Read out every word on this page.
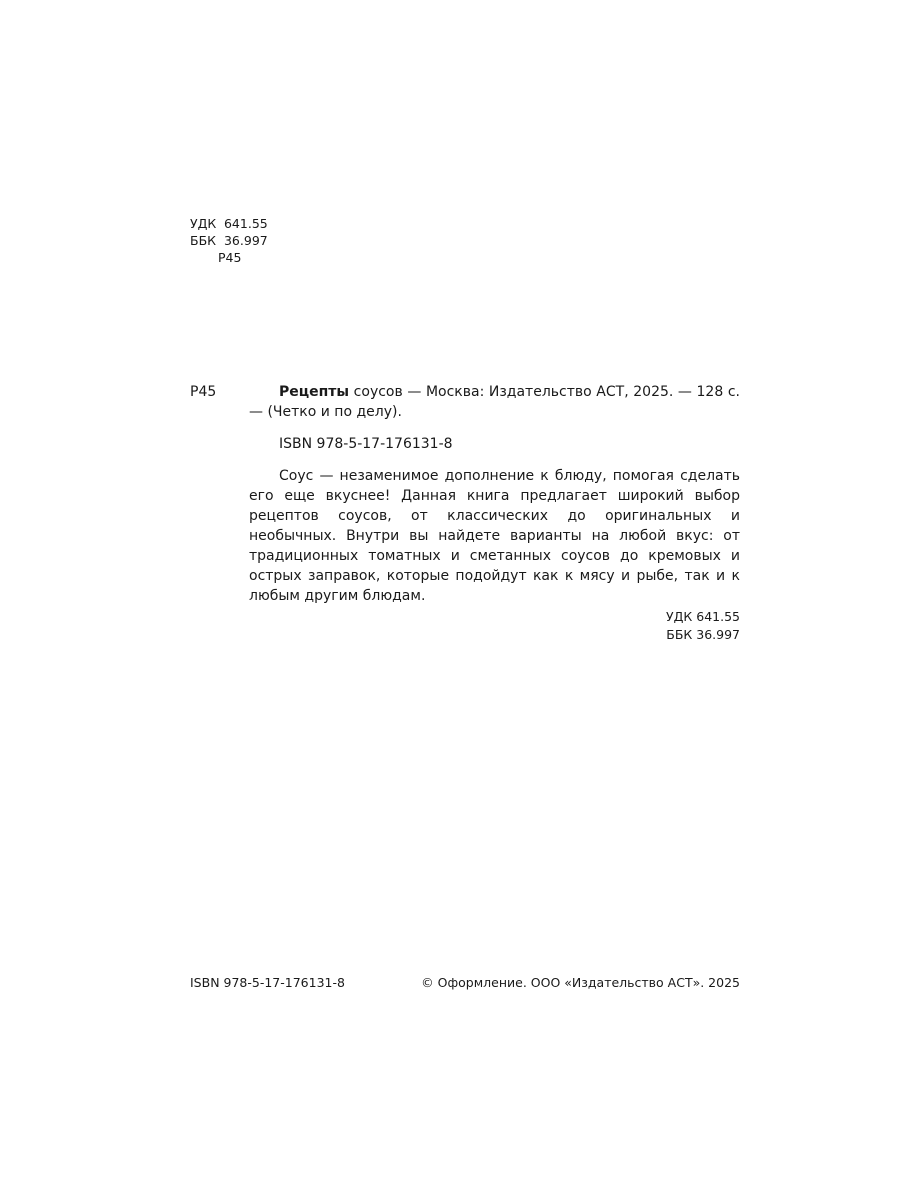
УДК 641.55
ББК 36.997
Р45
Р45	Рецепты соусов — Москва: Издательство АСТ, 2025. — 128 с. — (Четко и по делу).

ISBN 978-5-17-176131-8

Соус — незаменимое дополнение к блюду, помогая сделать его еще вкуснее! Данная книга предлагает широкий выбор рецептов соусов, от классических до оригинальных и необычных. Внутри вы найдете варианты на любой вкус: от традиционных томатных и сметанных соусов до кремовых и острых заправок, которые подойдут как к мясу и рыбе, так и к любым другим блюдам.

УДК 641.55
ББК 36.997
ISBN 978-5-17-176131-8	© Оформление. ООО «Издательство АСТ». 2025
